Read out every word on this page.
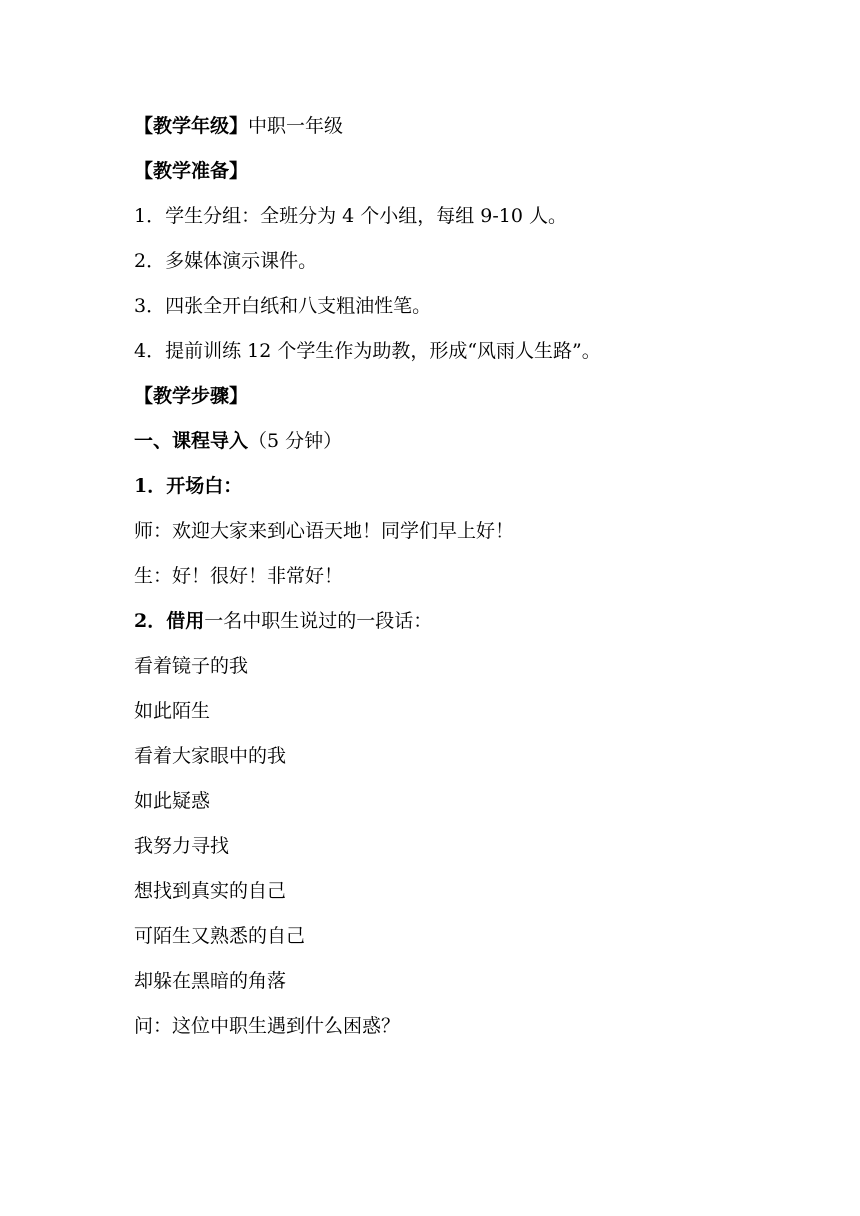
【教学年级】中职一年级
【教学准备】
1．学生分组：全班分为 4 个小组，每组 9-10 人。
2．多媒体演示课件。
3．四张全开白纸和八支粗油性笔。
4．提前训练 12 个学生作为助教，形成“风雨人生路”。
【教学步骤】
一、课程导入（5 分钟）
1．开场白：
师：欢迎大家来到心语天地！同学们早上好！
生：好！很好！非常好！
2．借用一名中职生说过的一段话：
看着镜子的我
如此陌生
看着大家眼中的我
如此疑惑
我努力寻找
想找到真实的自己
可陌生又熟悉的自己
却躲在黑暗的角落
问：这位中职生遇到什么困惑？
